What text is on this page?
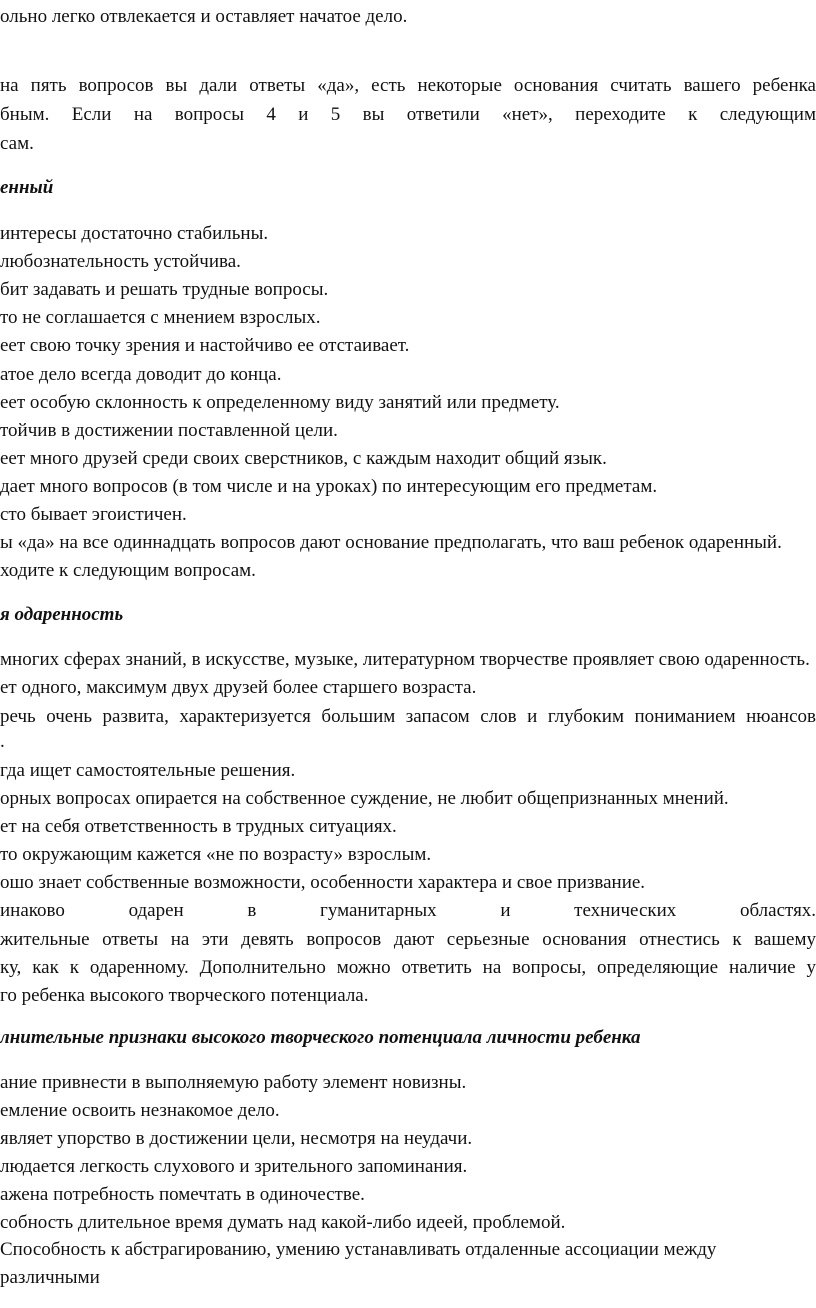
ольно легко отвлекается и оставляет начатое дело.
на пять вопросов вы дали ответы «да», есть некоторые основания считать вашего ребенка
бным. Если на вопросы 4 и 5 вы ответили «нет», переходите к следующим
сам.
енный
интересы достаточно стабильны.
любознательность устойчива.
бит задавать и решать трудные вопросы.
то не соглашается с мнением взрослых.
еет свою точку зрения и настойчиво ее отстаивает.
атое дело всегда доводит до конца.
еет особую склонность к определенному виду занятий или предмету.
тойчив в достижении поставленной цели.
еет много друзей среди своих сверстников, с каждым находит общий язык.
дает много вопросов (в том числе и на уроках) по интересующим его предметам.
сто бывает эгоистичен.
ы «да» на все одиннадцать вопросов дают основание предполагать, что ваш ребенок одаренный.
ходите к следующим вопросам.
я одаренность
многих сферах знаний, в искусстве, музыке, литературном творчестве проявляет свою одаренность.
ет одного, максимум двух друзей более старшего возраста.
речь очень развита, характеризуется большим запасом слов и глубоким пониманием нюансов
.
гда ищет самостоятельные решения.
орных вопросах опирается на собственное суждение, не любит общепризнанных мнений.
ет на себя ответственность в трудных ситуациях.
то окружающим кажется «не по возрасту» взрослым.
ошо знает собственные возможности, особенности характера и свое призвание.
инаково	одарен	в	гуманитарных	и	технических	областях.
жительные ответы на эти девять вопросов дают серьезные основания отнестись к вашему
ку, как к одаренному. Дополнительно можно ответить на вопросы, определяющие наличие у
го ребенка высокого творческого потенциала.
лнительные признаки высокого творческого потенциала личности ребенка
ание привнести в выполняемую работу элемент новизны.
емление освоить незнакомое дело.
являет упорство в достижении цели, несмотря на неудачи.
людается легкость слухового и зрительного запоминания.
ажена потребность помечтать в одиночестве.
собность длительное время думать над какой-либо идеей, проблемой.
Способность к абстрагированию, умению устанавливать отдаленные ассоциации между
различными
